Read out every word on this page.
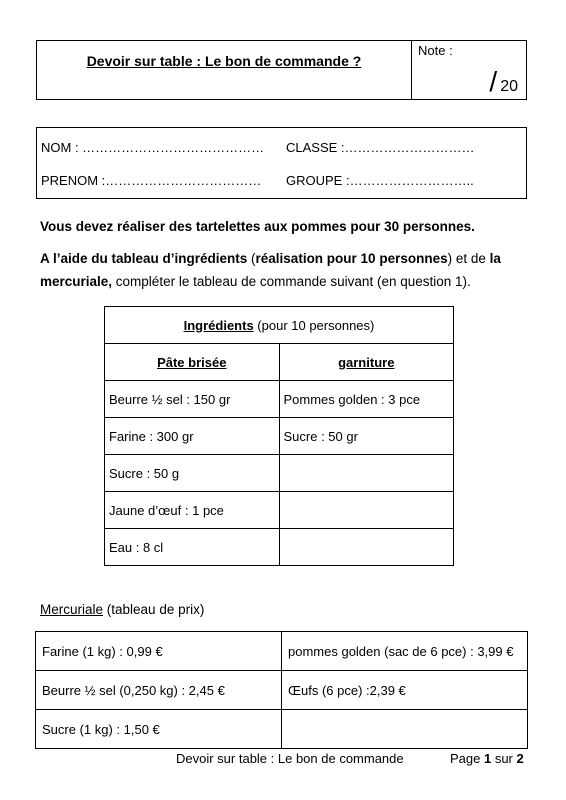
Devoir sur table : Le bon de commande ?
Note :
/ 20
NOM : …………………………………… CLASSE :…………………………
PRENOM :……………………………… GROUPE :………………………..
Vous devez réaliser des tartelettes aux pommes pour 30 personnes.
A l’aide du tableau d’ingrédients (réalisation pour 10 personnes) et de la
mercuriale, compléter le tableau de commande suivant (en question 1).
Ingrédients (pour 10 personnes)	
Pâte brisée	garniture
Beurre ½ sel : 150 gr	Pommes golden : 3 pce
Farine : 300 gr	Sucre : 50 gr
Sucre : 50 g	
Jaune d’œuf : 1 pce	
Eau : 8 cl	
Mercuriale (tableau de prix)
Farine (1 kg) : 0,99 €	pommes golden (sac de 6 pce) : 3,99 €
Beurre ½ sel (0,250 kg) : 2,45 €	Œufs (6 pce) :2,39 €
Sucre (1 kg) : 1,50 €	
Devoir sur table : Le bon de commande	Page 1 sur 2
